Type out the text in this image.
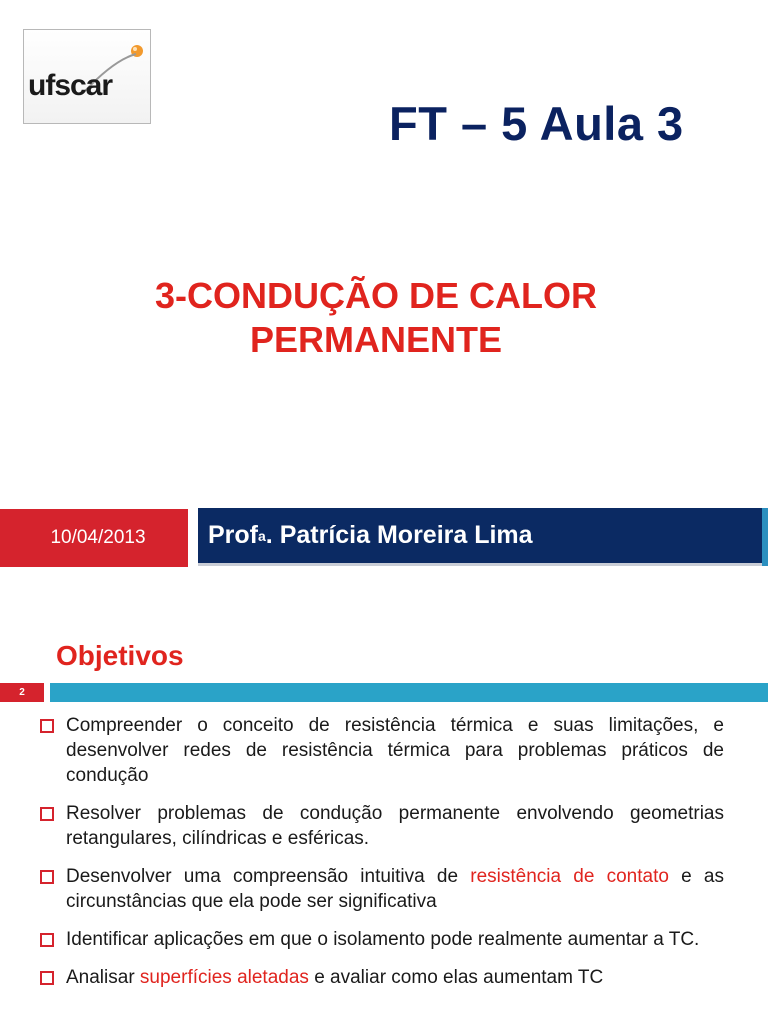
ufscar
FT – 5 Aula 3
3-CONDUÇÃO DE CALOR
PERMANENTE
10/04/2013 Prof a . Patrícia Moreira Lima
Objetivos
2
Compreender o conceito de resistência térmica e suas limitações, e desenvolver redes de resistência térmica para problemas práticos de condução
Resolver problemas de condução permanente envolvendo geometrias retangulares, cilíndricas e esféricas.
Desenvolver uma compreensão intuitiva de resistência de contato e as circunstâncias que ela pode ser significativa
Identificar aplicações em que o isolamento pode realmente aumentar a TC.
Analisar superfícies aletadas e avaliar como elas aumentam TC
